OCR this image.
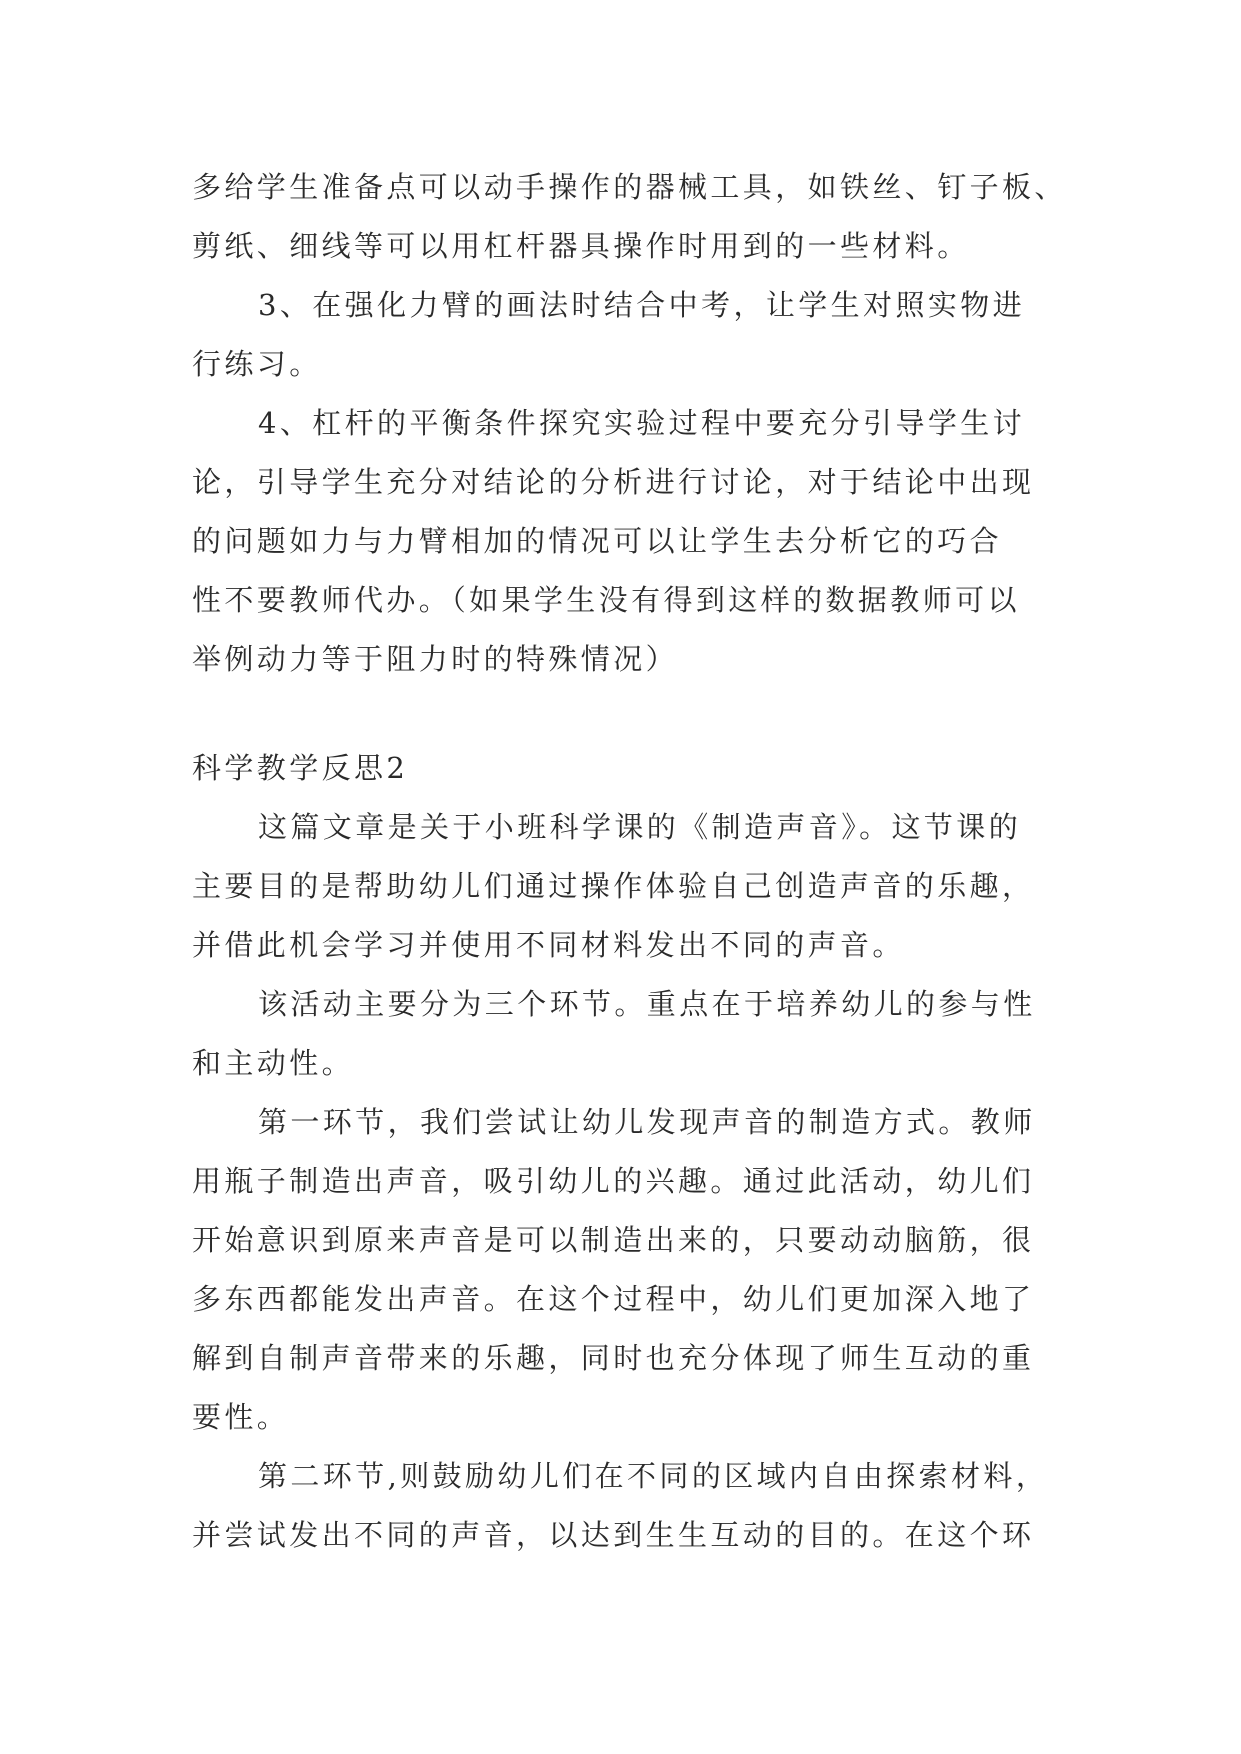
多给学生准备点可以动手操作的器械工具，如铁丝、钉子板、
剪纸、细线等可以用杠杆器具操作时用到的一些材料。
3、在强化力臂的画法时结合中考，让学生对照实物进
行练习。
4、杠杆的平衡条件探究实验过程中要充分引导学生讨
论，引导学生充分对结论的分析进行讨论，对于结论中出现
的问题如力与力臂相加的情况可以让学生去分析它的巧合
性不要教师代办。（如果学生没有得到这样的数据教师可以
举例动力等于阻力时的特殊情况）
科学教学反思2
这篇文章是关于小班科学课的《制造声音》。这节课的
主要目的是帮助幼儿们通过操作体验自己创造声音的乐趣，
并借此机会学习并使用不同材料发出不同的声音。
该活动主要分为三个环节。重点在于培养幼儿的参与性
和主动性。
第一环节，我们尝试让幼儿发现声音的制造方式。教师
用瓶子制造出声音，吸引幼儿的兴趣。通过此活动，幼儿们
开始意识到原来声音是可以制造出来的，只要动动脑筋，很
多东西都能发出声音。在这个过程中，幼儿们更加深入地了
解到自制声音带来的乐趣，同时也充分体现了师生互动的重
要性。
第二环节,则鼓励幼儿们在不同的区域内自由探索材料，
并尝试发出不同的声音，以达到生生互动的目的。在这个环
